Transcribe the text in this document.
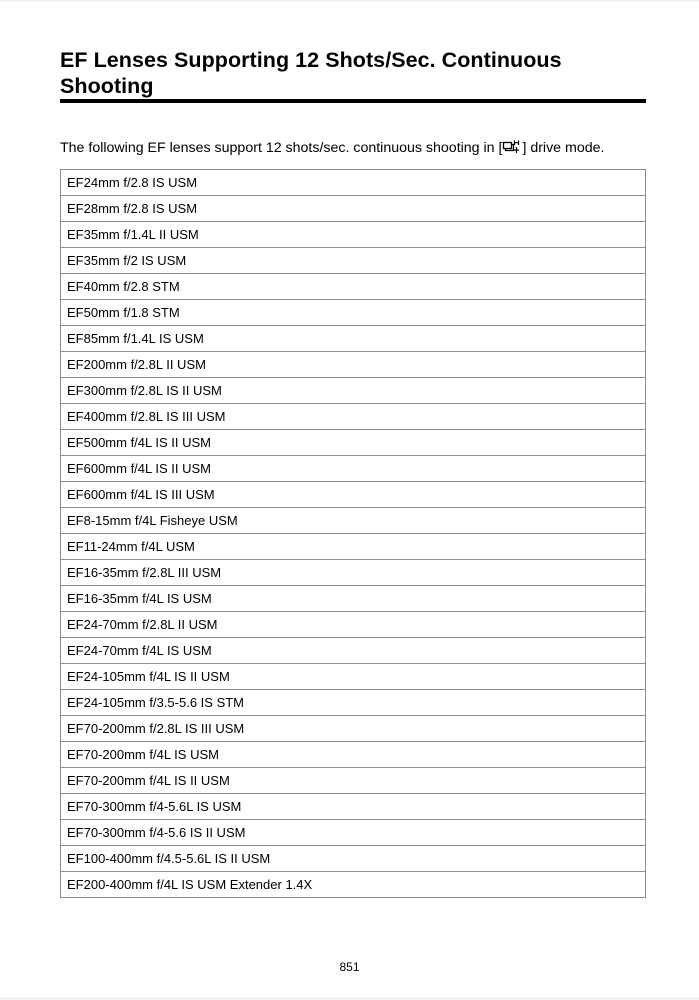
EF Lenses Supporting 12 Shots/Sec. Continuous Shooting

The following EF lenses support 12 shots/sec. continuous shooting in [ ] drive mode.

EF24mm f/2.8 IS USM
EF28mm f/2.8 IS USM
EF35mm f/1.4L II USM
EF35mm f/2 IS USM
EF40mm f/2.8 STM
EF50mm f/1.8 STM
EF85mm f/1.4L IS USM
EF200mm f/2.8L II USM
EF300mm f/2.8L IS II USM
EF400mm f/2.8L IS III USM
EF500mm f/4L IS II USM
EF600mm f/4L IS II USM
EF600mm f/4L IS III USM
EF8-15mm f/4L Fisheye USM
EF11-24mm f/4L USM
EF16-35mm f/2.8L III USM
EF16-35mm f/4L IS USM
EF24-70mm f/2.8L II USM
EF24-70mm f/4L IS USM
EF24-105mm f/4L IS II USM
EF24-105mm f/3.5-5.6 IS STM
EF70-200mm f/2.8L IS III USM
EF70-200mm f/4L IS USM
EF70-200mm f/4L IS II USM
EF70-300mm f/4-5.6L IS USM
EF70-300mm f/4-5.6 IS II USM
EF100-400mm f/4.5-5.6L IS II USM
EF200-400mm f/4L IS USM Extender 1.4X
851
